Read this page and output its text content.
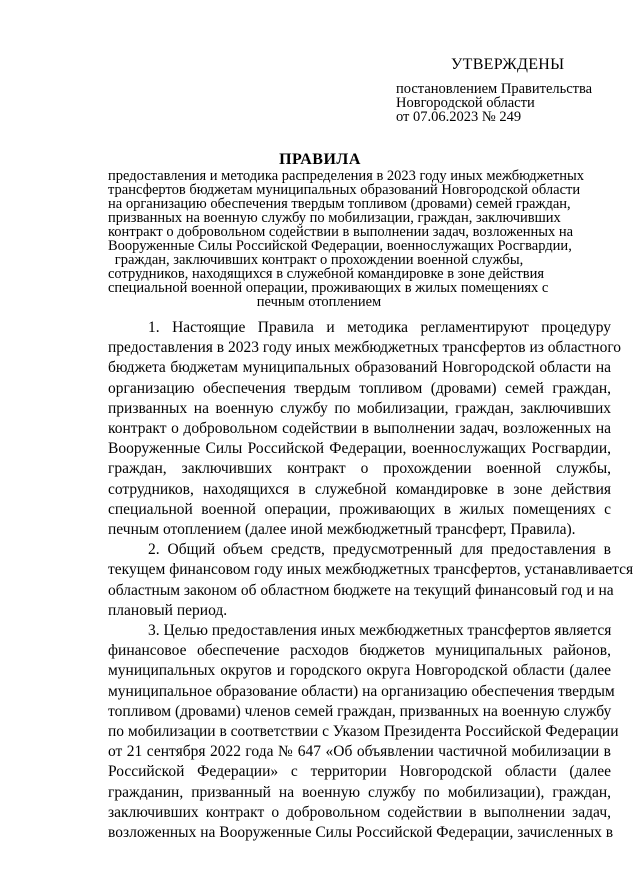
УТВЕРЖДЕНЫ
постановлением Правительства
Новгородской области
от 07.06.2023 № 249
ПРАВИЛА
предоставления и методика распределения в 2023 году иных межбюджетных
трансфертов бюджетам муниципальных образований Новгородской области
на организацию обеспечения твердым топливом (дровами) семей граждан,
призванных на военную службу по мобилизации, граждан, заключивших
контракт о добровольном содействии в выполнении задач, возложенных на
Вооруженные Силы Российской Федерации, военнослужащих Росгвардии,
граждан, заключивших контракт о прохождении военной службы,
сотрудников, находящихся в служебной командировке в зоне действия
специальной военной операции, проживающих в жилых помещениях с
печным отоплением
1. Настоящие Правила и методика регламентируют процедуру
предоставления в 2023 году иных межбюджетных трансфертов из областного
бюджета бюджетам муниципальных образований Новгородской области на
организацию обеспечения твердым топливом (дровами) семей граждан,
призванных на военную службу по мобилизации, граждан, заключивших
контракт о добровольном содействии в выполнении задач, возложенных на
Вооруженные Силы Российской Федерации, военнослужащих Росгвардии,
граждан, заключивших контракт о прохождении военной службы,
сотрудников, находящихся в служебной командировке в зоне действия
специальной военной операции, проживающих в жилых помещениях с
печным отоплением (далее иной межбюджетный трансферт, Правила).
2. Общий объем средств, предусмотренный для предоставления в
текущем финансовом году иных межбюджетных трансфертов, устанавливается
областным законом об областном бюджете на текущий финансовый год и на
плановый период.
3. Целью предоставления иных межбюджетных трансфертов является
финансовое обеспечение расходов бюджетов муниципальных районов,
муниципальных округов и городского округа Новгородской области (далее
муниципальное образование области) на организацию обеспечения твердым
топливом (дровами) членов семей граждан, призванных на военную службу
по мобилизации в соответствии с Указом Президента Российской Федерации
от 21 сентября 2022 года № 647 «Об объявлении частичной мобилизации в
Российской Федерации» с территории Новгородской области (далее
гражданин, призванный на военную службу по мобилизации), граждан,
заключивших контракт о добровольном содействии в выполнении задач,
возложенных на Вооруженные Силы Российской Федерации, зачисленных в
